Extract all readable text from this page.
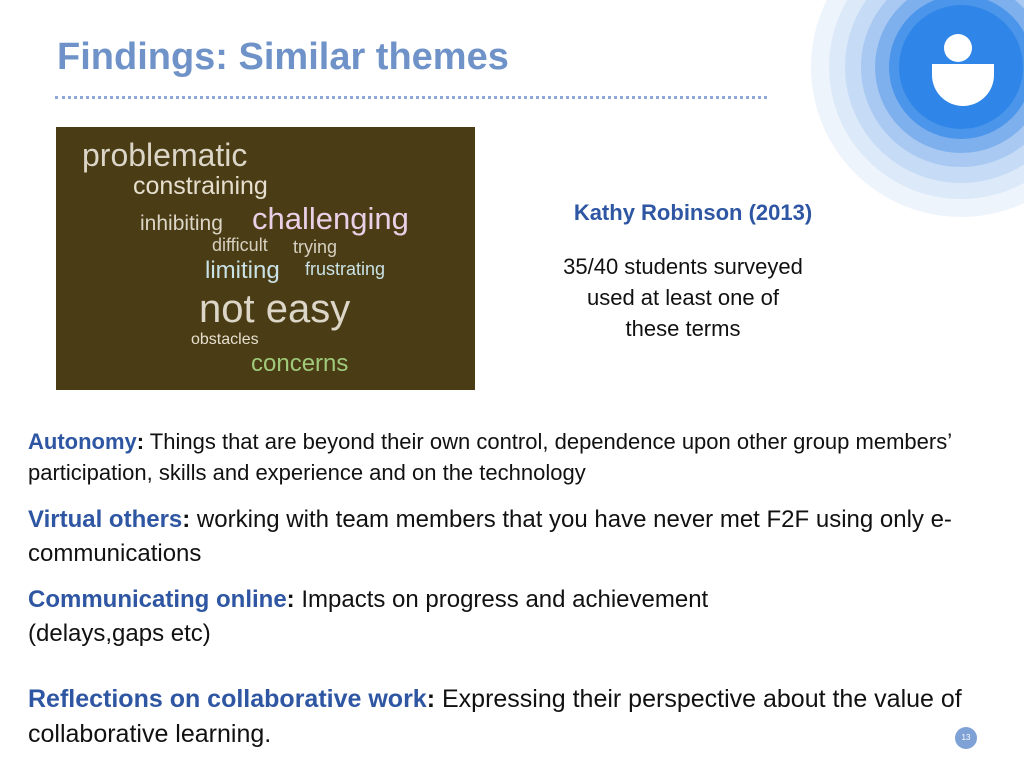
Findings: Similar themes
problematic
constraining
inhibiting challenging
difficult trying
limiting frustrating
not easy
obstacles
concerns
Kathy Robinson (2013)
35/40 students surveyed used at least one of these terms
Autonomy: Things that are beyond their own control, dependence upon other group members’ participation, skills and experience and on the technology
Virtual others: working with team members that you have never met F2F using only e-communications
Communicating online: Impacts on progress and achievement (delays,gaps etc)
Reflections on collaborative work: Expressing their perspective about the value of collaborative learning.	13
